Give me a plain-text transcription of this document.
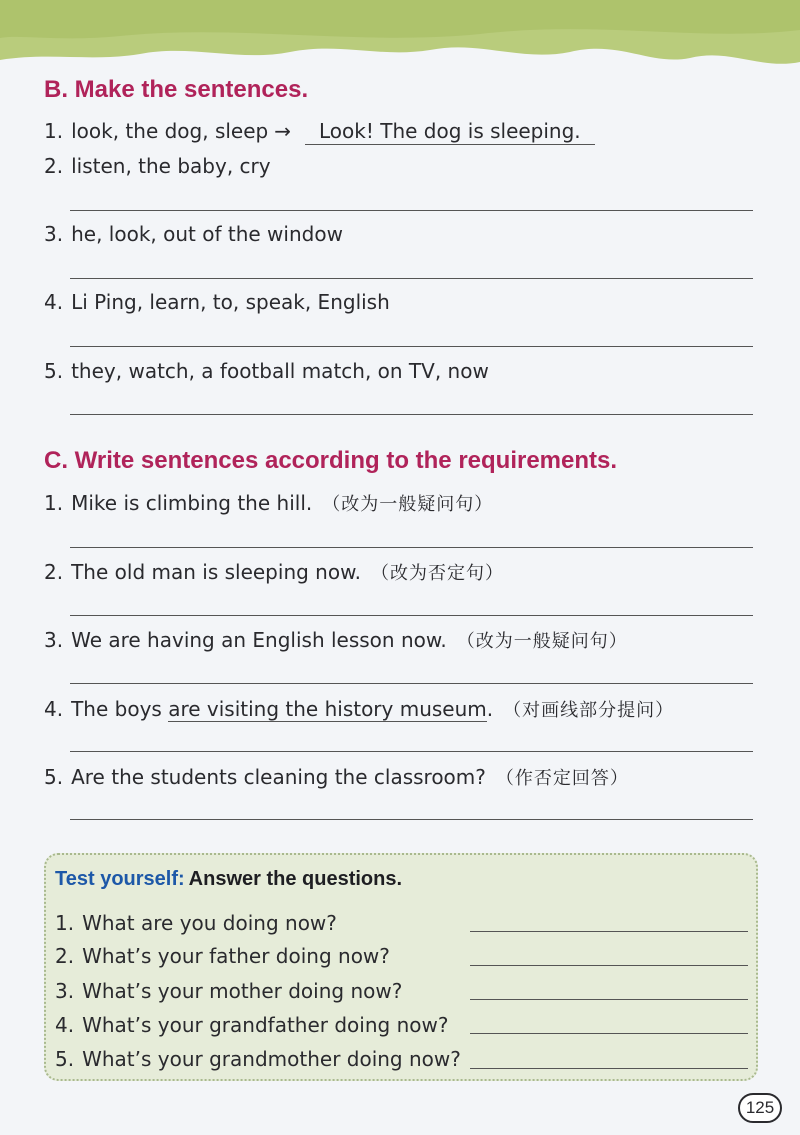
B. Make the sentences.
1. look, the dog, sleep → Look! The dog is sleeping.
2. listen, the baby, cry
3. he, look, out of the window
4. Li Ping, learn, to, speak, English
5. they, watch, a football match, on TV, now
C. Write sentences according to the requirements.
1. Mike is climbing the hill. （改为一般疑问句）
2. The old man is sleeping now. （改为否定句）
3. We are having an English lesson now. （改为一般疑问句）
4. The boys are visiting the history museum. （对画线部分提问）
5. Are the students cleaning the classroom? （作否定回答）
Test yourself: Answer the questions.
1. What are you doing now?
2. What’s your father doing now?
3. What’s your mother doing now?
4. What’s your grandfather doing now?
5. What’s your grandmother doing now?
125
